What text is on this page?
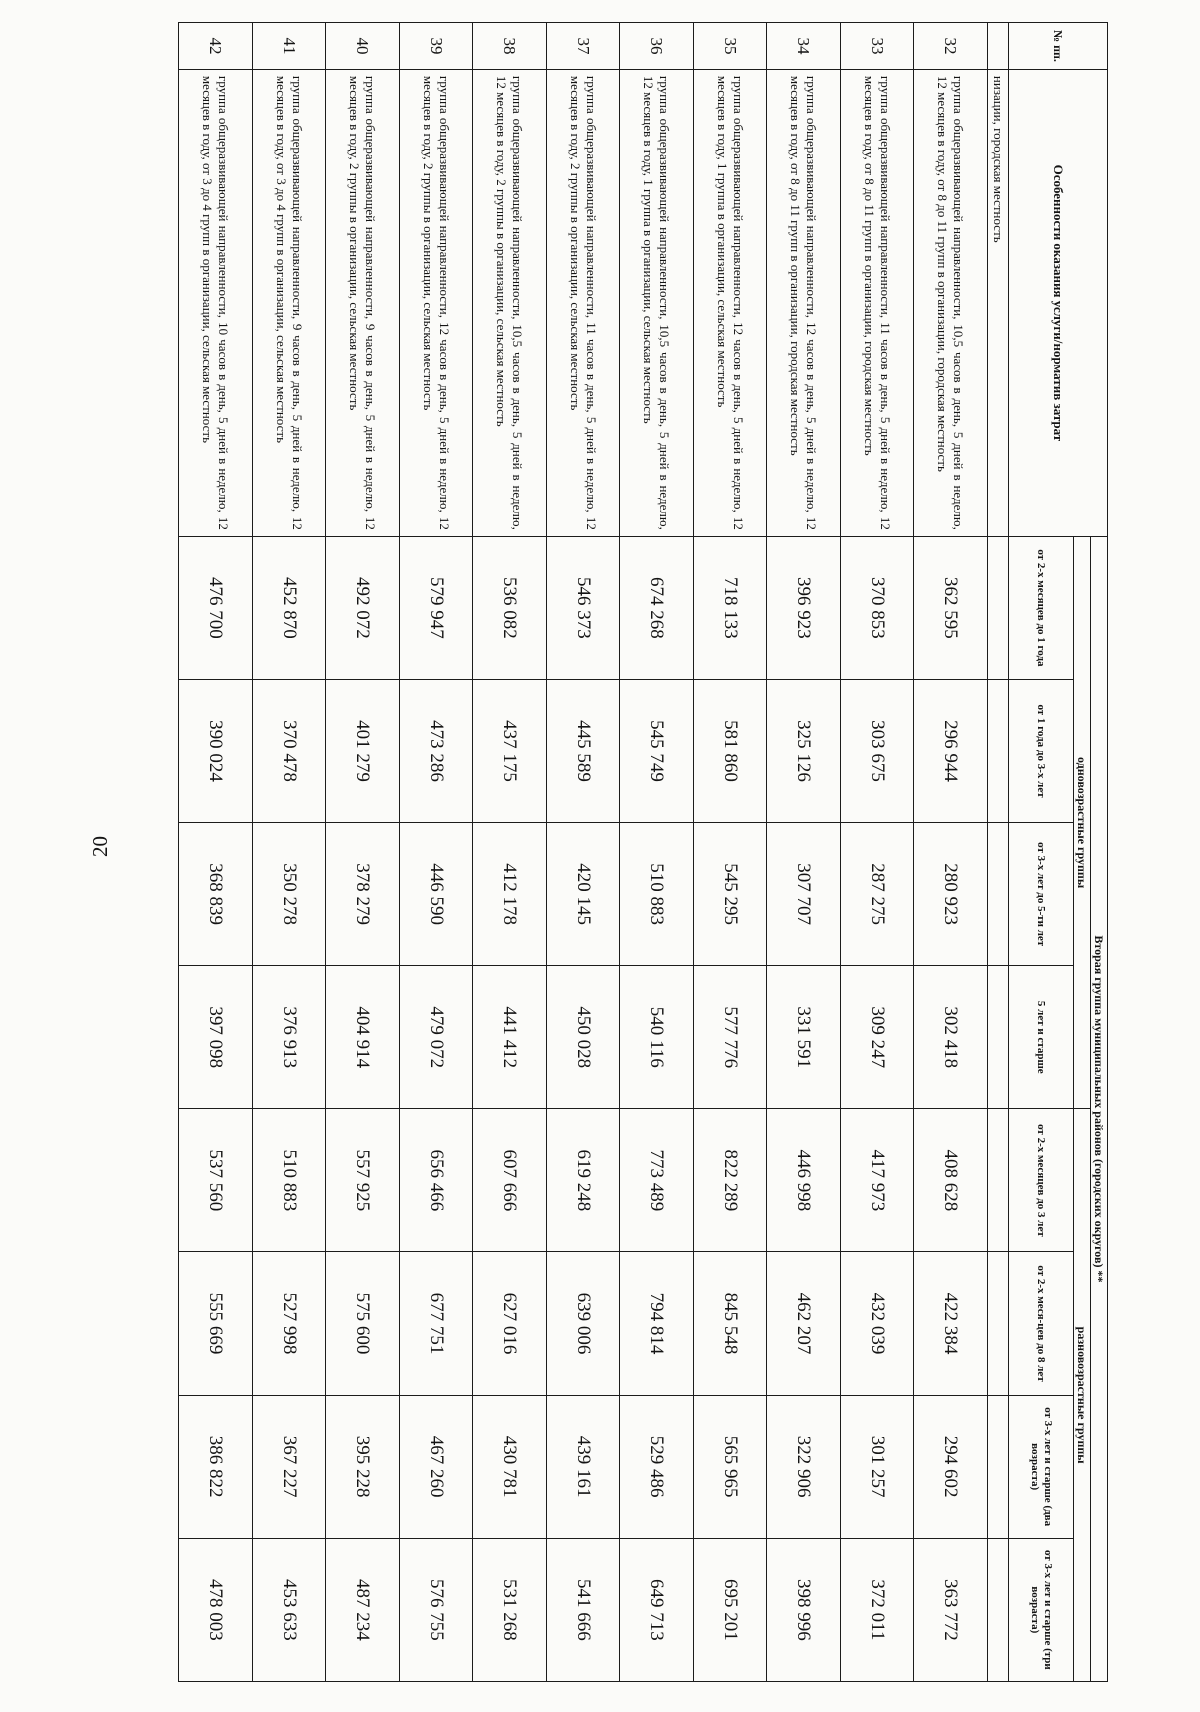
20
№ пп.	Особенности оказания услуги/норматив затрат	Вторая группа муниципальных районов (городских округов) **							
		одновозрастные группы				разновозрастные группы			
		от 2-х месяцев до 1 года	от 1 года до 3-х лет	от 3-х лет до 5-ти лет	5 лет и старше	от 2-х месяцев до 3 лет	от 2-х меся-цев до 8 лет	от 3-х лет и старше (два возраста)	от 3-х лет и старше (три возраста)
	низации, городская местность								
32	группа общеразвивающей направленности, 10,5 часов в день, 5 дней в неделю, 12 месяцев в году, от 8 до 11 групп в организации, городская местность	362 595	296 944	280 923	302 418	408 628	422 384	294 602	363 772
33	группа общеразвивающей направленности, 11 часов в день, 5 дней в неделю, 12 месяцев в году, от 8 до 11 групп в организации, городская местность	370 853	303 675	287 275	309 247	417 973	432 039	301 257	372 011
34	группа общеразвивающей направленности, 12 часов в день, 5 дней в неделю, 12 месяцев в году, от 8 до 11 групп в организации, городская местность	396 923	325 126	307 707	331 591	446 998	462 207	322 906	398 996
35	группа общеразвивающей направленности, 12 часов в день, 5 дней в неделю, 12 месяцев в году, 1 группа в организации, сельская местность	718 133	581 860	545 295	577 776	822 289	845 548	565 965	695 201
36	группа общеразвивающей направленности, 10,5 часов в день, 5 дней в неделю, 12 месяцев в году, 1 группа в организации, сельская местность	674 268	545 749	510 883	540 116	773 489	794 814	529 486	649 713
37	группа общеразвивающей направленности, 11 часов в день, 5 дней в неделю, 12 месяцев в году, 2 группы в организации, сельская местность	546 373	445 589	420 145	450 028	619 248	639 006	439 161	541 666
38	группа общеразвивающей направленности, 10,5 часов в день, 5 дней в неделю, 12 месяцев в году, 2 группы в организации, сельская местность	536 082	437 175	412 178	441 412	607 666	627 016	430 781	531 268
39	группа общеразвивающей направленности, 12 часов в день, 5 дней в неделю, 12 месяцев в году, 2 группы в организации, сельская местность	579 947	473 286	446 590	479 072	656 466	677 751	467 260	576 755
40	группа общеразвивающей направленности, 9 часов в день, 5 дней в неделю, 12 месяцев в году, 2 группы в организации, сельская местность	492 072	401 279	378 279	404 914	557 925	575 600	395 228	487 234
41	группа общеразвивающей направленности, 9 часов в день, 5 дней в неделю, 12 месяцев в году, от 3 до 4 групп в организации, сельская местность	452 870	370 478	350 278	376 913	510 883	527 998	367 227	453 633
42	группа общеразвивающей направленности, 10 часов в день, 5 дней в неделю, 12 месяцев в году, от 3 до 4 групп в организации, сельская местность	476 700	390 024	368 839	397 098	537 560	555 669	386 822	478 003
